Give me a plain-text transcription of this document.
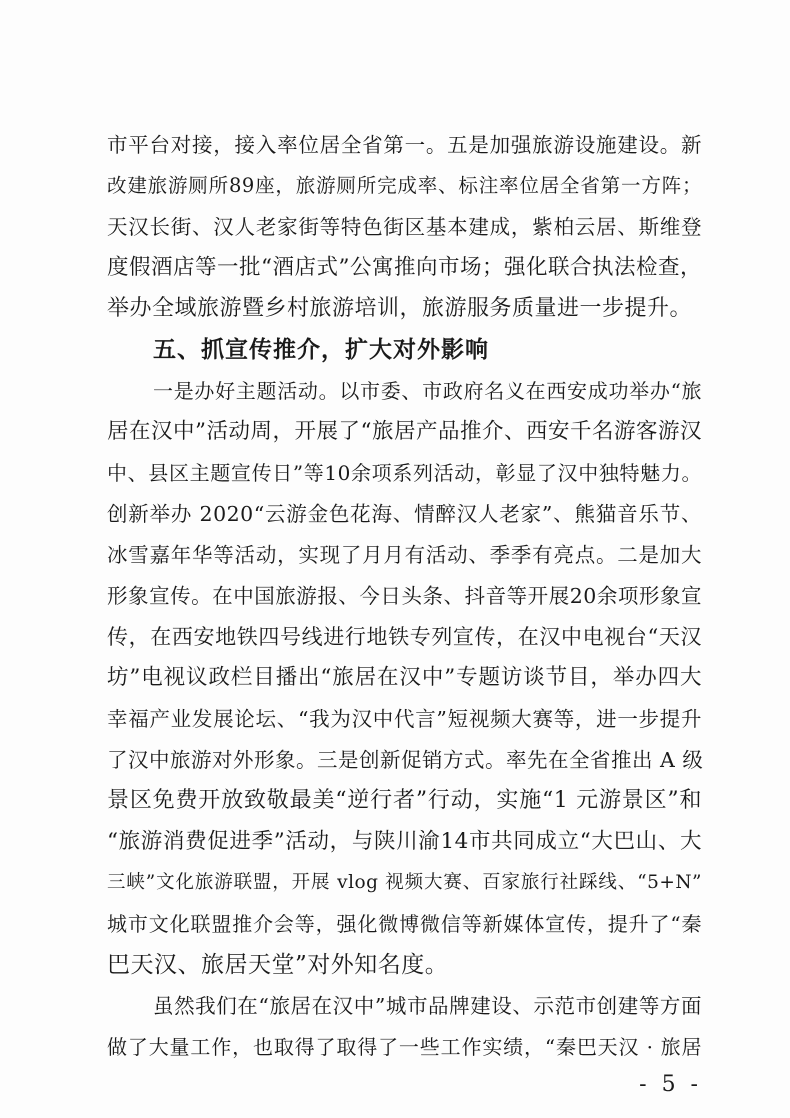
市平台对接，接入率位居全省第一。五是加强旅游设施建设。新
改建旅游厕所89座，旅游厕所完成率、标注率位居全省第一方阵；
天汉长街、汉人老家街等特色街区基本建成，紫柏云居、斯维登
度假酒店等一批“酒店式”公寓推向市场；强化联合执法检查，
举办全域旅游暨乡村旅游培训，旅游服务质量进一步提升。
五、抓宣传推介，扩大对外影响
一是办好主题活动。以市委、市政府名义在西安成功举办“旅
居在汉中”活动周，开展了“旅居产品推介、西安千名游客游汉
中、县区主题宣传日”等10余项系列活动，彰显了汉中独特魅力。
创新举办 2020“云游金色花海、情醉汉人老家”、熊猫音乐节、
冰雪嘉年华等活动，实现了月月有活动、季季有亮点。二是加大
形象宣传。在中国旅游报、今日头条、抖音等开展20余项形象宣
传，在西安地铁四号线进行地铁专列宣传，在汉中电视台“天汉
坊”电视议政栏目播出“旅居在汉中”专题访谈节目，举办四大
幸福产业发展论坛、“我为汉中代言”短视频大赛等，进一步提升
了汉中旅游对外形象。三是创新促销方式。率先在全省推出 A 级
景区免费开放致敬最美“逆行者”行动，实施“1 元游景区”和
“旅游消费促进季”活动，与陕川渝14市共同成立“大巴山、大
三峡”文化旅游联盟，开展 vlog 视频大赛、百家旅行社踩线、“5+N”
城市文化联盟推介会等，强化微博微信等新媒体宣传，提升了“秦
巴天汉、旅居天堂”对外知名度。
虽然我们在“旅居在汉中”城市品牌建设、示范市创建等方面
做了大量工作，也取得了取得了一些工作实绩，“秦巴天汉 · 旅居
- 5 -
